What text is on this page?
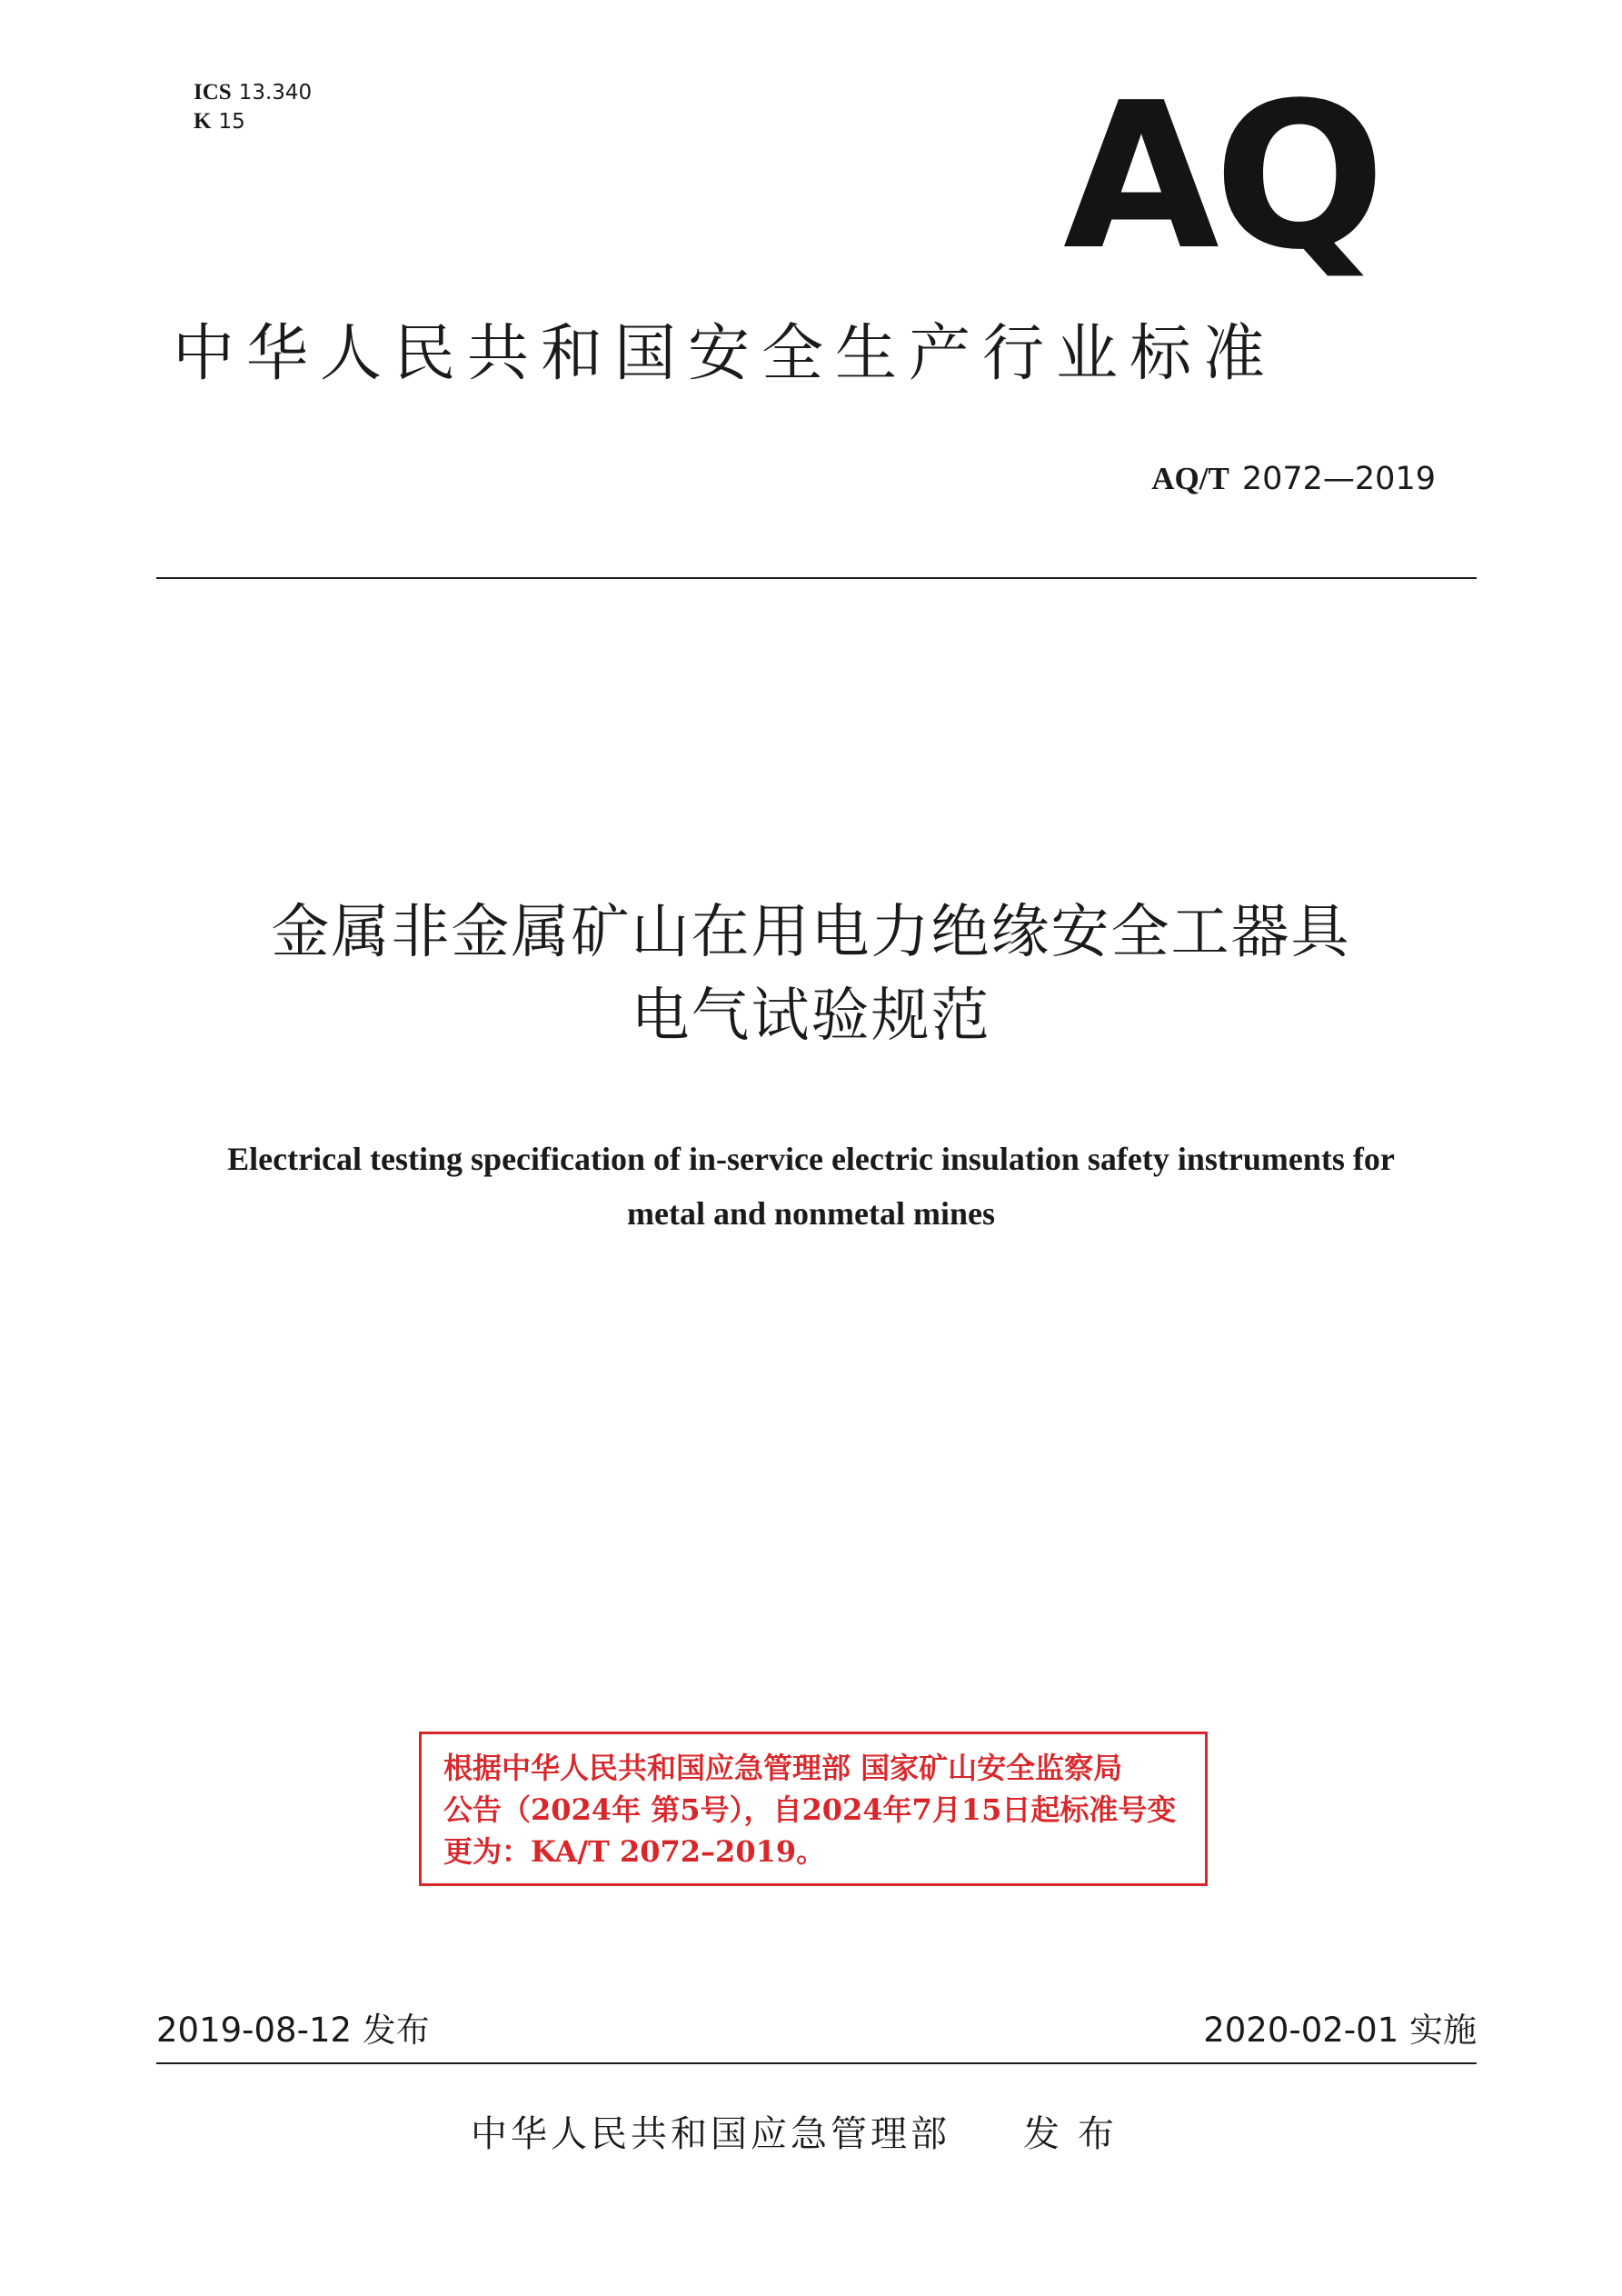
ICS 13.340
K 15	AQ
中华人民共和国安全生产行业标准
AQ/T 2072—2019
金属非金属矿山在用电力绝缘安全工器具
电气试验规范
Electrical testing specification of in-service electric insulation safety instruments for
metal and nonmetal mines
根据中华人民共和国应急管理部 国家矿山安全监察局
公告（2024年 第5号），自2024年7月15日起标准号变
更为：KA/T 2072–2019。
2019-08-12 发布	2020-02-01 实施
中华人民共和国应急管理部 发布
